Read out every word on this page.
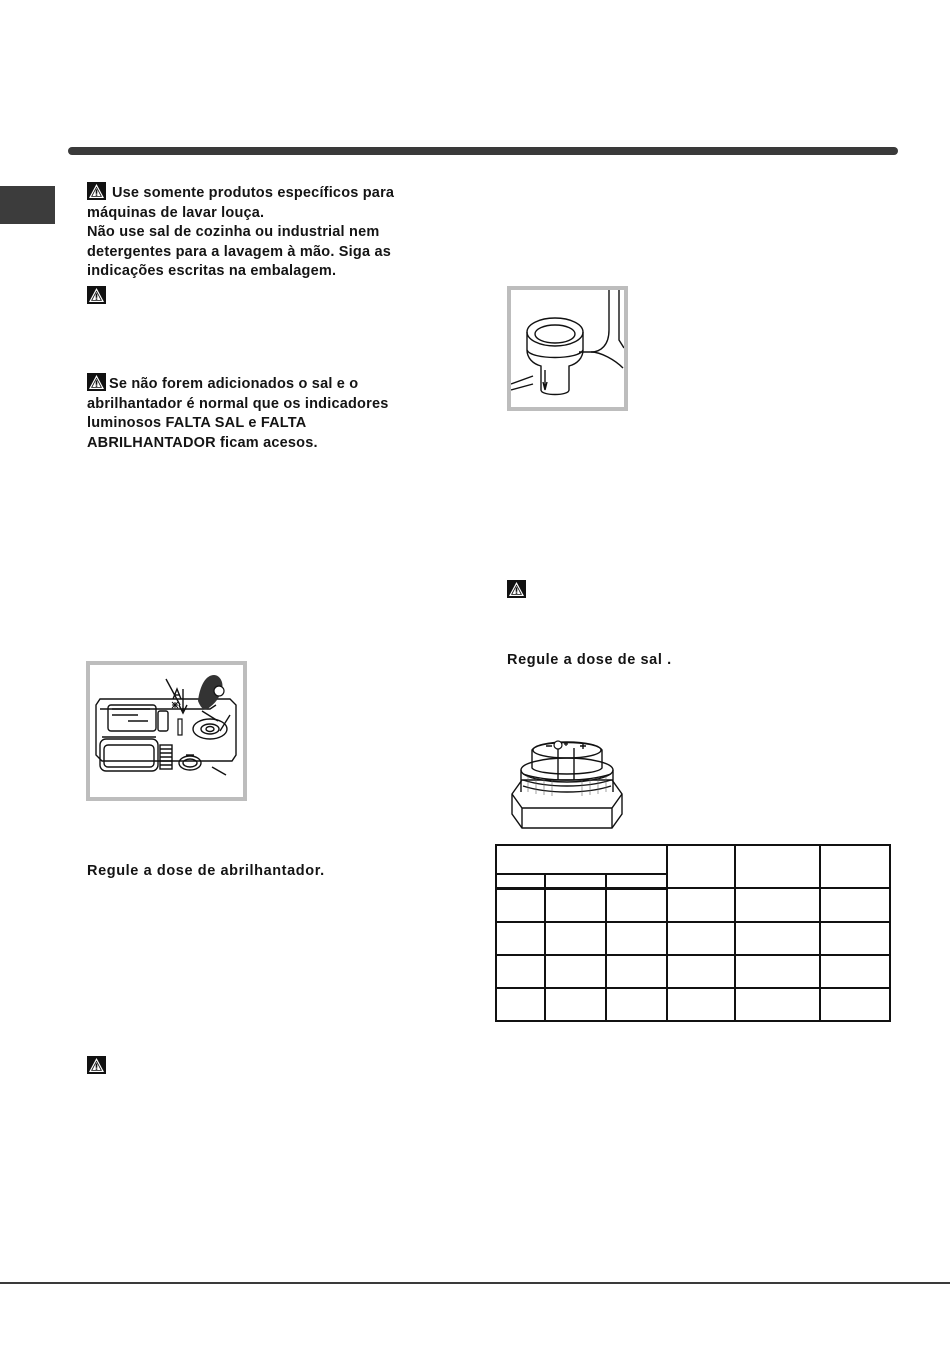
Use somente produtos específicos para
máquinas de lavar louça.
Não use sal de cozinha ou industrial nem
detergentes para a lavagem à mão. Siga as
indicações escritas na embalagem.
Se não forem adicionados o sal e o
abrilhantador é normal que os indicadores
luminosos FALTA SAL e FALTA
ABRILHANTADOR ficam acesos.
Regule a dose de abrilhantador.
Regule a dose de sal .
